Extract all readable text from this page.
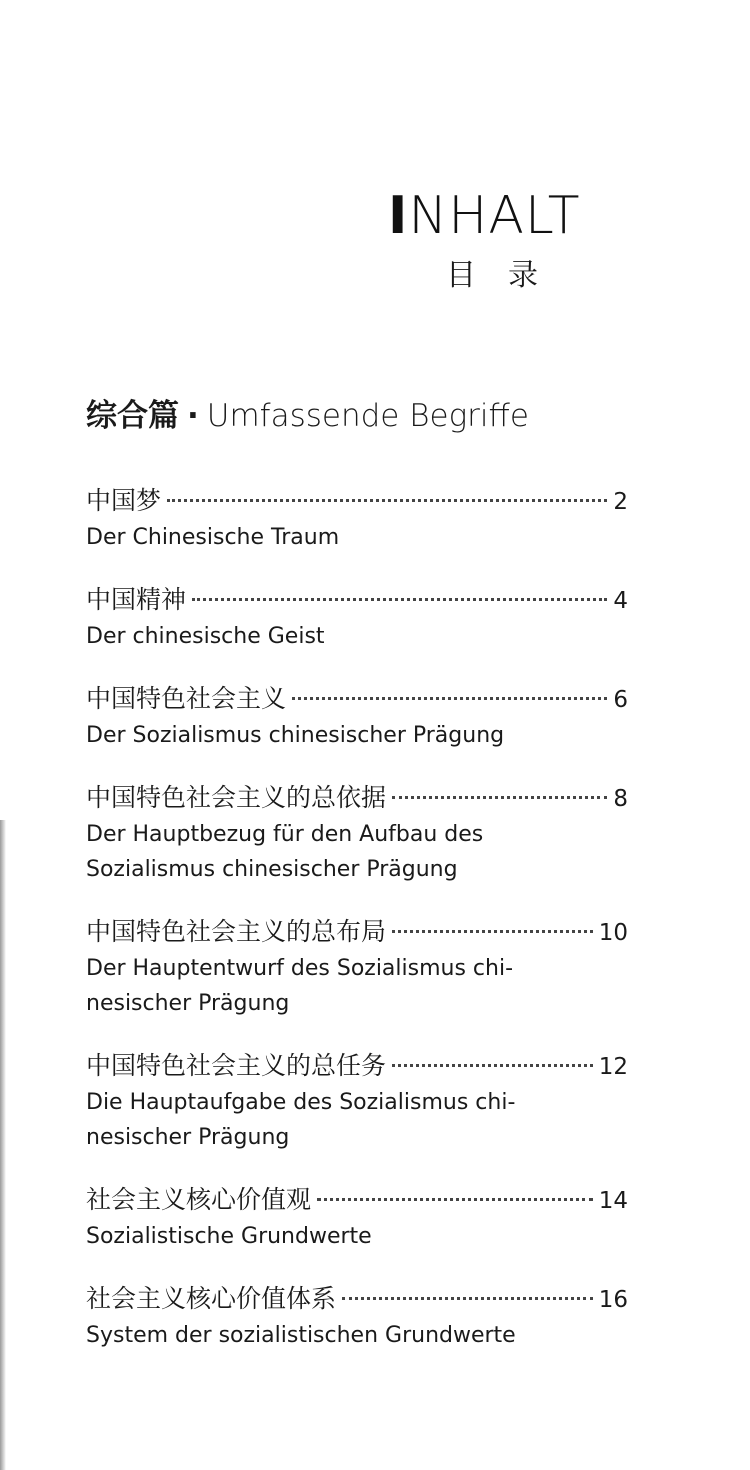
INHALT
目录
综合篇 · Umfassende Begriffe
中国梦	2
Der Chinesische Traum
中国精神	4
Der chinesische Geist
中国特色社会主义	6
Der Sozialismus chinesischer Prägung
中国特色社会主义的总依据	8
Der Hauptbezug für den Aufbau des
Sozialismus chinesischer Prägung
中国特色社会主义的总布局	10
Der Hauptentwurf des Sozialismus chi-
nesischer Prägung
中国特色社会主义的总任务	12
Die Hauptaufgabe des Sozialismus chi-
nesischer Prägung
社会主义核心价值观	14
Sozialistische Grundwerte
社会主义核心价值体系	16
System der sozialistischen Grundwerte
